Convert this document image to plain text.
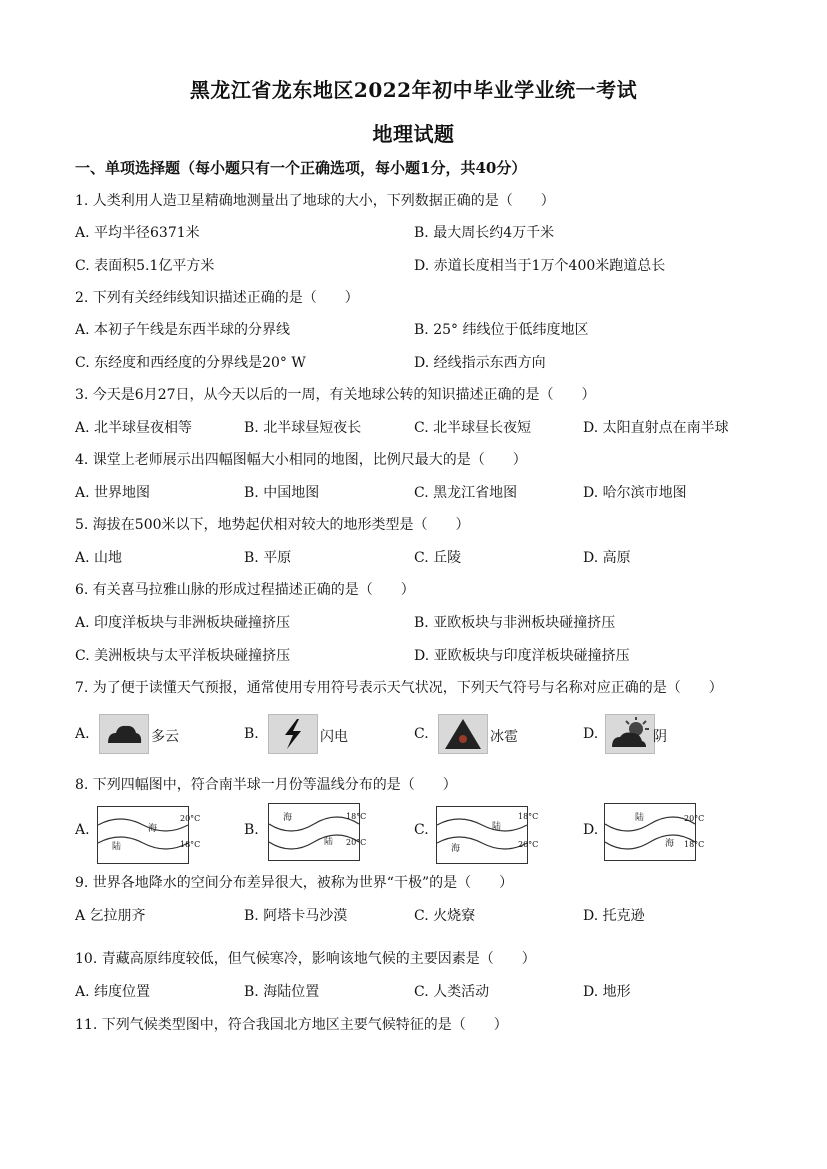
黑龙江省龙东地区2022年初中毕业学业统一考试
地理试题
一、单项选择题（每小题只有一个正确选项，每小题1分，共40分）
1. 人类利用人造卫星精确地测量出了地球的大小，下列数据正确的是（　　）
A. 平均半径6371米	B. 最大周长约4万千米
C. 表面积5.1亿平方米	D. 赤道长度相当于1万个400米跑道总长
2. 下列有关经纬线知识描述正确的是（　　）
A. 本初子午线是东西半球的分界线	B. 25° 纬线位于低纬度地区
C. 东经度和西经度的分界线是20° W	D. 经线指示东西方向
3. 今天是6月27日，从今天以后的一周，有关地球公转的知识描述正确的是（　　）
A. 北半球昼夜相等	B. 北半球昼短夜长	C. 北半球昼长夜短	D. 太阳直射点在南半球
4. 课堂上老师展示出四幅图幅大小相同的地图，比例尺最大的是（　　）
A. 世界地图	B. 中国地图	C. 黑龙江省地图	D. 哈尔滨市地图
5. 海拔在500米以下，地势起伏相对较大的地形类型是（　　）
A. 山地	B. 平原	C. 丘陵	D. 高原
6. 有关喜马拉雅山脉的形成过程描述正确的是（　　）
A. 印度洋板块与非洲板块碰撞挤压	B. 亚欧板块与非洲板块碰撞挤压
C. 美洲板块与太平洋板块碰撞挤压	D. 亚欧板块与印度洋板块碰撞挤压
7. 为了便于读懂天气预报，通常使用专用符号表示天气状况，下列天气符号与名称对应正确的是（　　）
A.	多云	B.	闪电	C.	冰雹	D.	阴
8. 下列四幅图中，符合南半球一月份等温线分布的是（　　）
A.
陆
海
20°C
18°C
B.
海
陆
18°C
20°C
C.
海
陆
18°C
20°C
D.
陆
海
20°C
18°C
9. 世界各地降水的空间分布差异很大，被称为世界“干极”的是（　　）
A 乞拉朋齐	B. 阿塔卡马沙漠	C. 火烧寮	D. 托克逊
10. 青藏高原纬度较低，但气候寒冷，影响该地气候的主要因素是（　　）
A. 纬度位置	B. 海陆位置	C. 人类活动	D. 地形
11. 下列气候类型图中，符合我国北方地区主要气候特征的是（　　）
